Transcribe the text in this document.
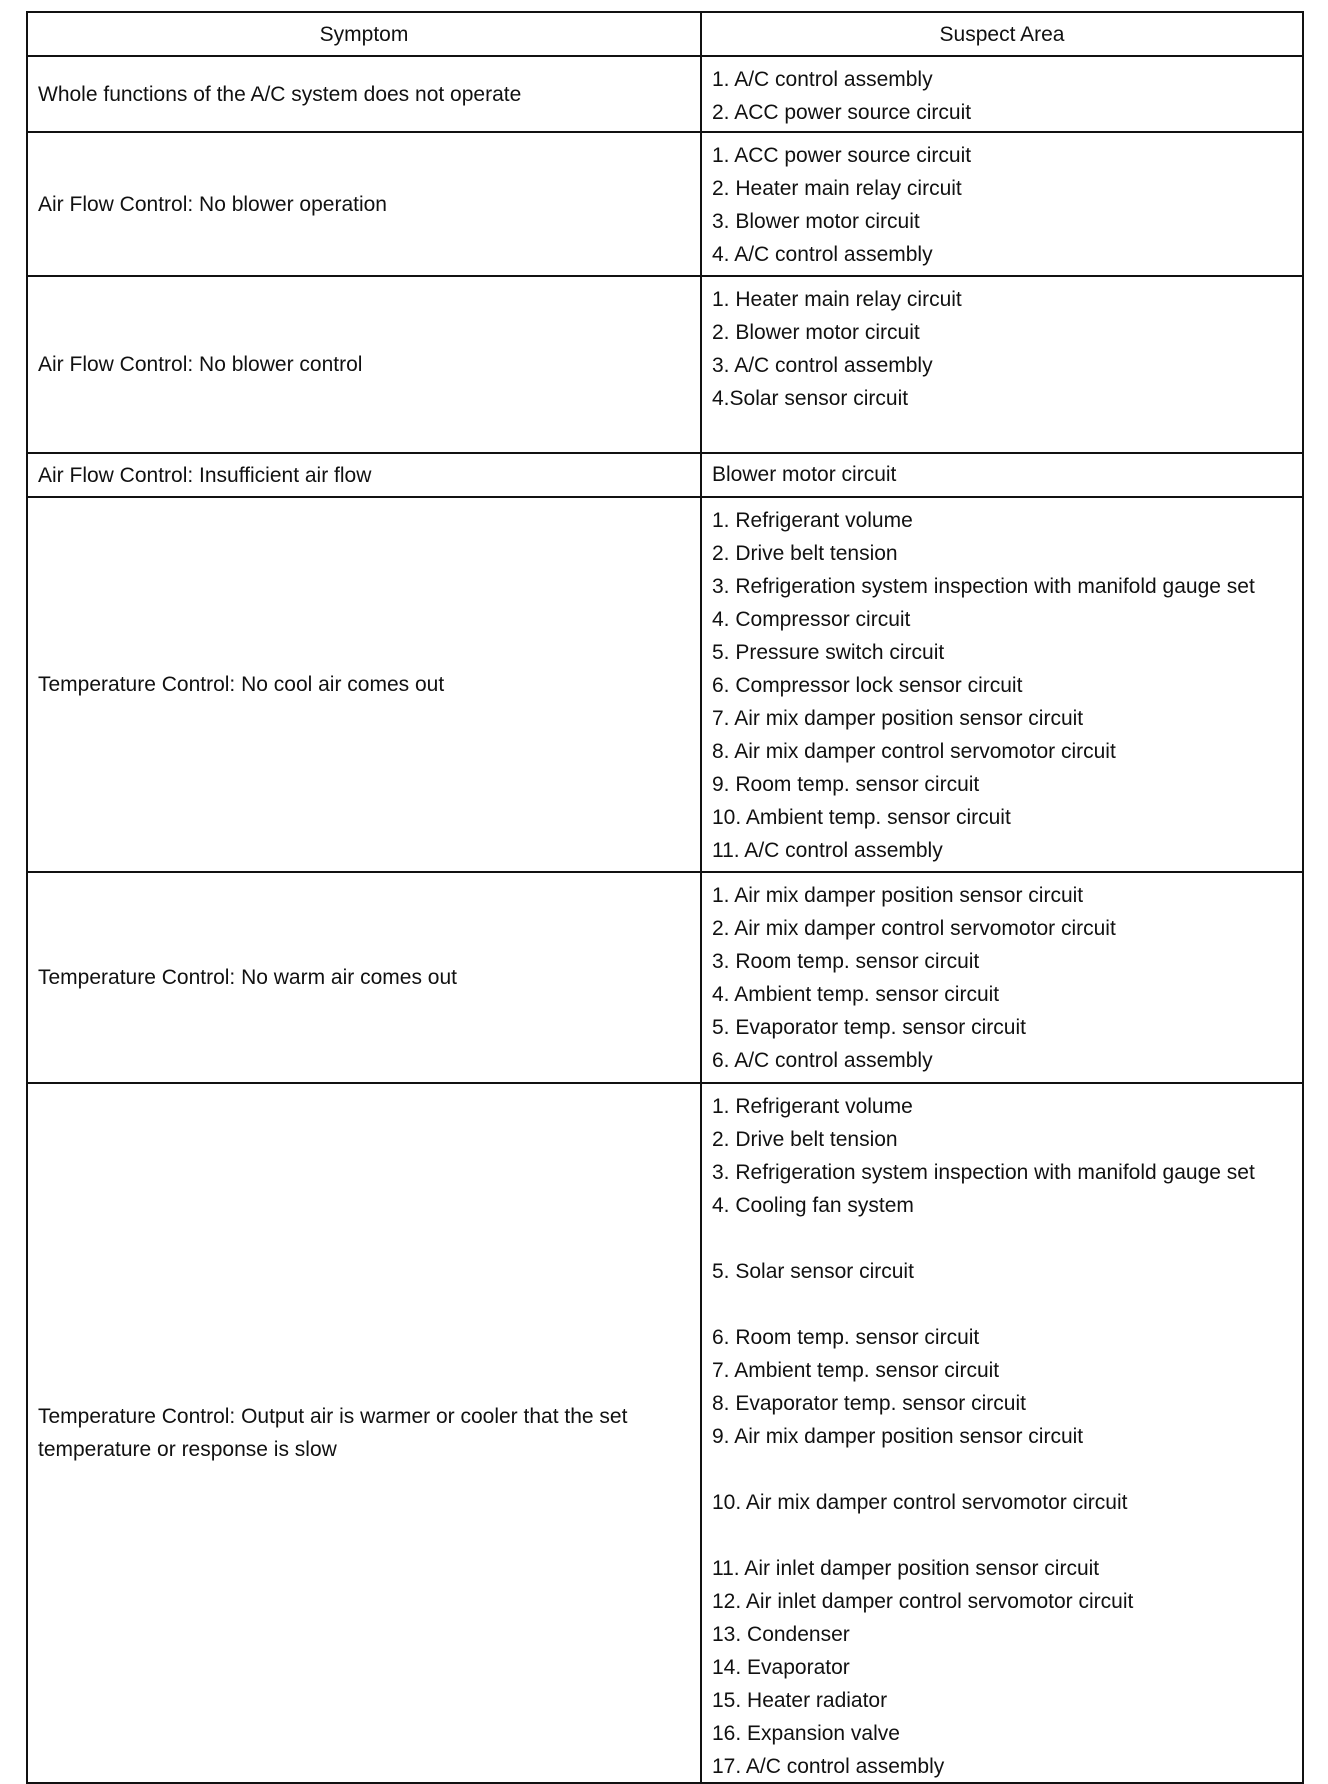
Symptom	Suspect Area
Whole functions of the A/C system does not operate
1. A/C control assembly
2. ACC power source circuit
Air Flow Control: No blower operation
1. ACC power source circuit
2. Heater main relay circuit
3. Blower motor circuit
4. A/C control assembly
Air Flow Control: No blower control
1. Heater main relay circuit
2. Blower motor circuit
3. A/C control assembly
4.Solar sensor circuit
Air Flow Control: Insufficient air flow	Blower motor circuit
Temperature Control: No cool air comes out
1. Refrigerant volume
2. Drive belt tension
3. Refrigeration system inspection with manifold gauge set
4. Compressor circuit
5. Pressure switch circuit
6. Compressor lock sensor circuit
7. Air mix damper position sensor circuit
8. Air mix damper control servomotor circuit
9. Room temp. sensor circuit
10. Ambient temp. sensor circuit
11. A/C control assembly
Temperature Control: No warm air comes out
1. Air mix damper position sensor circuit
2. Air mix damper control servomotor circuit
3. Room temp. sensor circuit
4. Ambient temp. sensor circuit
5. Evaporator temp. sensor circuit
6. A/C control assembly
Temperature Control: Output air is warmer or cooler that the set temperature or response is slow
1. Refrigerant volume
2. Drive belt tension
3. Refrigeration system inspection with manifold gauge set
4. Cooling fan system
5. Solar sensor circuit
6. Room temp. sensor circuit
7. Ambient temp. sensor circuit
8. Evaporator temp. sensor circuit
9. Air mix damper position sensor circuit
10. Air mix damper control servomotor circuit
11. Air inlet damper position sensor circuit
12. Air inlet damper control servomotor circuit
13. Condenser
14. Evaporator
15. Heater radiator
16. Expansion valve
17. A/C control assembly
